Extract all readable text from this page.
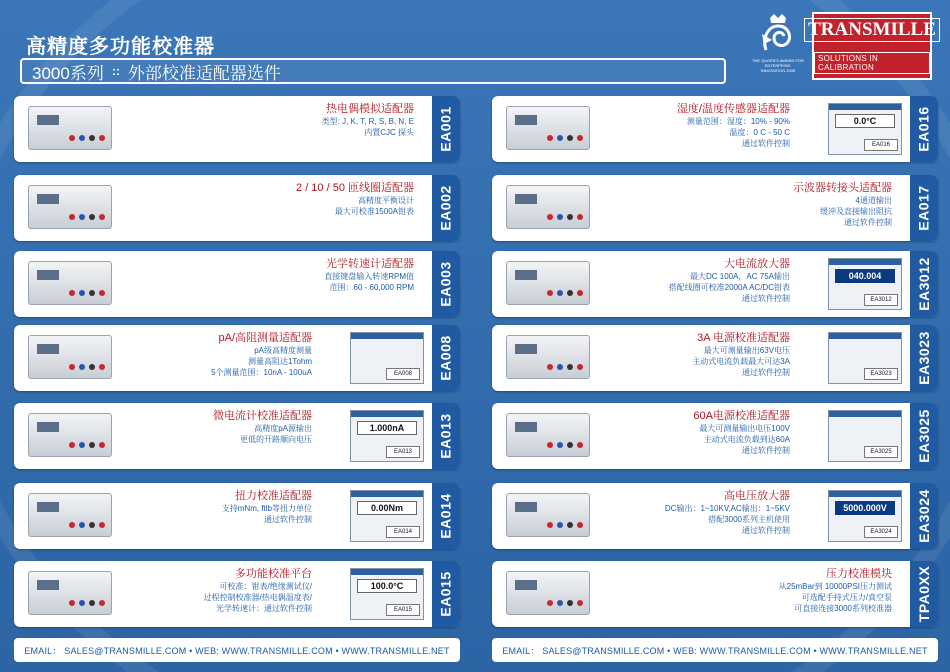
高精度多功能校准器
3000系列 :: 外部校准适配器选件
THE QUEEN'S AWARD FOR ENTERPRISE: INNOVATION 2008
TRANSMILLE
SOLUTIONS IN CALIBRATION
EMAIL： SALES@TRANSMILLE.COM • WEB: WWW.TRANSMILLE.COM • WWW.TRANSMILLE.NET	EMAIL： SALES@TRANSMILLE.COM • WEB: WWW.TRANSMILLE.COM • WWW.TRANSMILLE.NET
热电偶模拟适配器
类型: J, K, T, R, S, B, N, E
内置CJC 探头 EA001
2 / 10 / 50 匝线圈适配器
高精度平衡设计
最大可校准1500A钳表 EA002
光学转速计适配器
直接键盘输入转速RPM值
范围：60 - 60,000 RPM EA003
pA/高阻测量适配器
pA级高精度测量
测量高阻达1Tohm
5个测量范围：10nA - 100uA	EA008	EA008
微电流计校准适配器
高精度pA源输出
更低的开路顺向电压
1.000nA
EA013	EA013
扭力校准适配器
支持mNm, ftlb等扭力单位
通过软件控制
0.00Nm
EA014	EA014
多功能校准平台
可校准：钳表/绝缘测试仪/
过程控制校准器/热电偶温度表/
光学转速计：通过软件控制
100.0°C
EA015	EA015
湿度/温度传感器适配器
测量范围：湿度：10% - 90%
温度：0 C - 50 C
通过软件控制
0.0°C
EA016	EA016
示波器转接头适配器
4通道输出
缓冲及直接输出阻抗
通过软件控制 EA017
大电流放大器
最大DC 100A，AC 75A输出
搭配线圈可校准2000A AC/DC钳表
通过软件控制
040.004
EA3012	EA3012
3A 电源校准适配器
最大可测量输出63V电压
主动式电流负载最大可达3A
通过软件控制	EA3023	EA3023
60A电源校准适配器
最大可测量输出电压100V
主动式电流负载到达60A
通过软件控制	EA3025	EA3025
高电压放大器
DC输出：1~10KV,AC输出：1~5KV
搭配3000系列主机使用
通过软件控制
5000.000V
EA3024	EA3024
压力校准模块
从25mBar到 10000PSI压力测试
可选配手持式压力/真空泵
可直接连接3000系列校准器 TPA0XX
